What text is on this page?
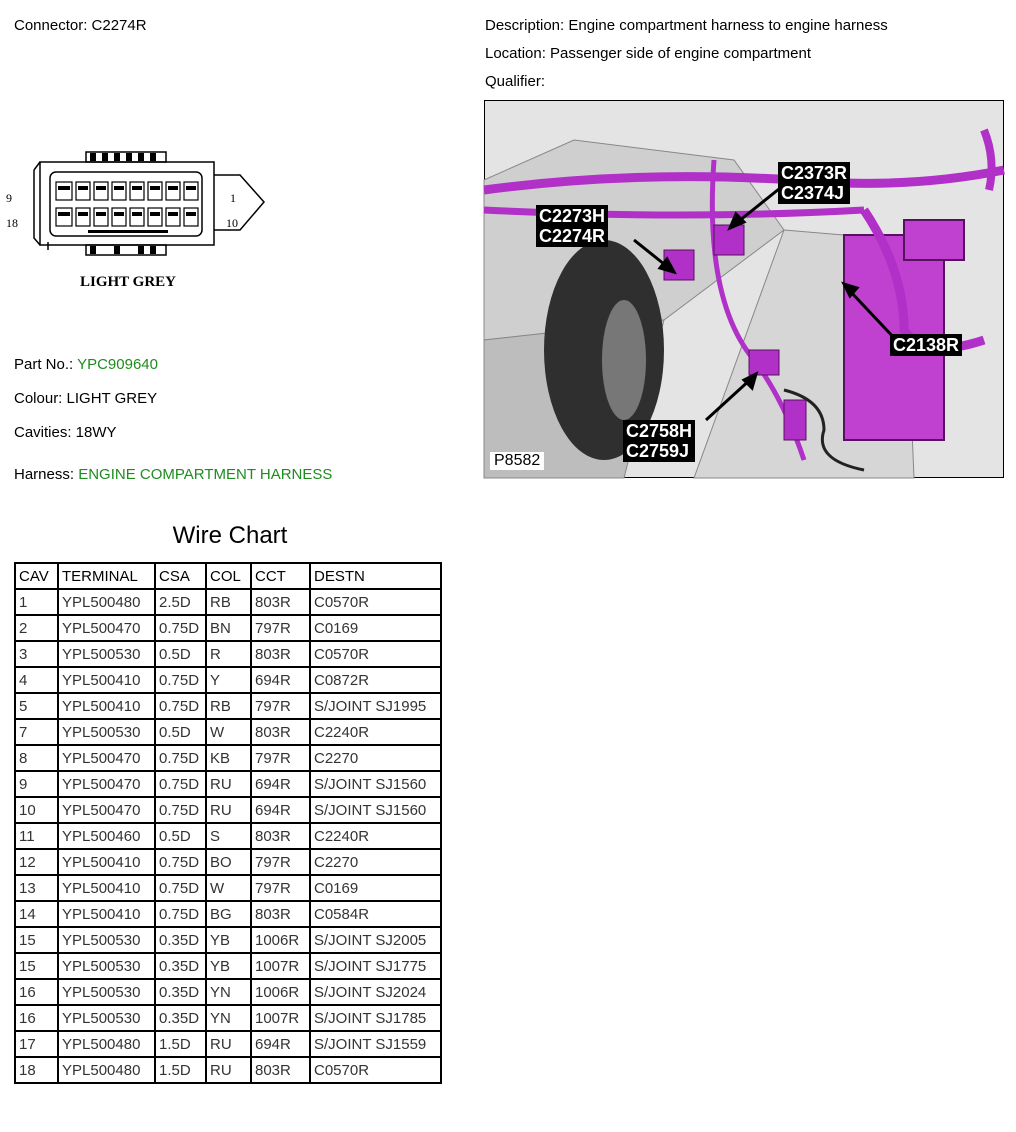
Connector: C2274R	Description: Engine compartment harness to engine harness
Location: Passenger side of engine compartment
Qualifier:
9
18
1
10
LIGHT GREY
Part No.: YPC909640
Colour: LIGHT GREY
Cavities: 18WY
Harness: ENGINE COMPARTMENT HARNESS
C2373R
C2374J
C2273H
C2274R
C2138R
C2758H
C2759J
P8582
Wire Chart
CAV	TERMINAL	CSA	COL	CCT	DESTN
1	YPL500480	2.5D	RB	803R	C0570R
2	YPL500470	0.75D	BN	797R	C0169
3	YPL500530	0.5D	R	803R	C0570R
4	YPL500410	0.75D	Y	694R	C0872R
5	YPL500410	0.75D	RB	797R	S/JOINT SJ1995
7	YPL500530	0.5D	W	803R	C2240R
8	YPL500470	0.75D	KB	797R	C2270
9	YPL500470	0.75D	RU	694R	S/JOINT SJ1560
10	YPL500470	0.75D	RU	694R	S/JOINT SJ1560
11	YPL500460	0.5D	S	803R	C2240R
12	YPL500410	0.75D	BO	797R	C2270
13	YPL500410	0.75D	W	797R	C0169
14	YPL500410	0.75D	BG	803R	C0584R
15	YPL500530	0.35D	YB	1006R	S/JOINT SJ2005
15	YPL500530	0.35D	YB	1007R	S/JOINT SJ1775
16	YPL500530	0.35D	YN	1006R	S/JOINT SJ2024
16	YPL500530	0.35D	YN	1007R	S/JOINT SJ1785
17	YPL500480	1.5D	RU	694R	S/JOINT SJ1559
18	YPL500480	1.5D	RU	803R	C0570R
